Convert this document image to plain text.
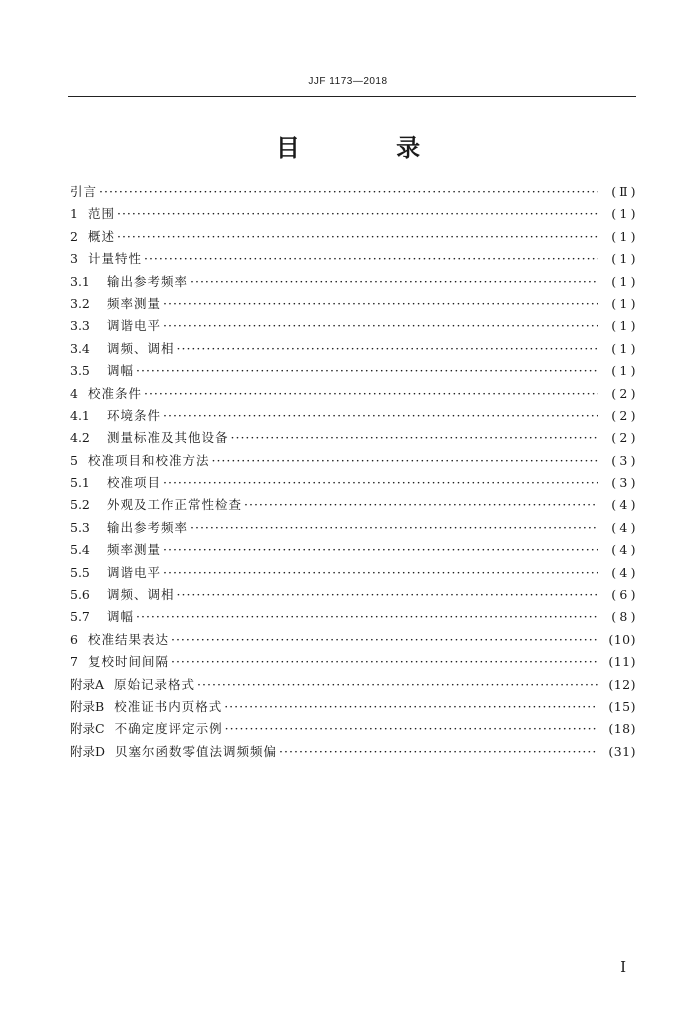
JJF 1173—2018
目 录
引言 ·····	( Ⅱ )
1 范围 ·····	( 1 )
2 概述 ·····	( 1 )
3 计量特性 ·····	( 1 )
3.1	输出参考频率 ·····	( 1 )
3.2	频率测量 ·····	( 1 )
3.3	调谐电平 ·····	( 1 )
3.4	调频、调相 ·····	( 1 )
3.5	调幅 ·····	( 1 )
4 校准条件 ·····	( 2 )
4.1	环境条件 ·····	( 2 )
4.2	测量标准及其他设备 ·····	( 2 )
5 校准项目和校准方法 ·····	( 3 )
5.1	校准项目 ·····	( 3 )
5.2	外观及工作正常性检查 ·····	( 4 )
5.3	输出参考频率 ·····	( 4 )
5.4	频率测量 ·····	( 4 )
5.5	调谐电平 ·····	( 4 )
5.6	调频、调相 ·····	( 6 )
5.7	调幅 ·····	( 8 )
6 校准结果表达 ·····	(10)
7 复校时间间隔 ·····	(11)
附录A 原始记录格式 ·····	(12)
附录B 校准证书内页格式 ·····	(15)
附录C 不确定度评定示例 ·····	(18)
附录D 贝塞尔函数零值法调频频偏 ·····	(31)
I
